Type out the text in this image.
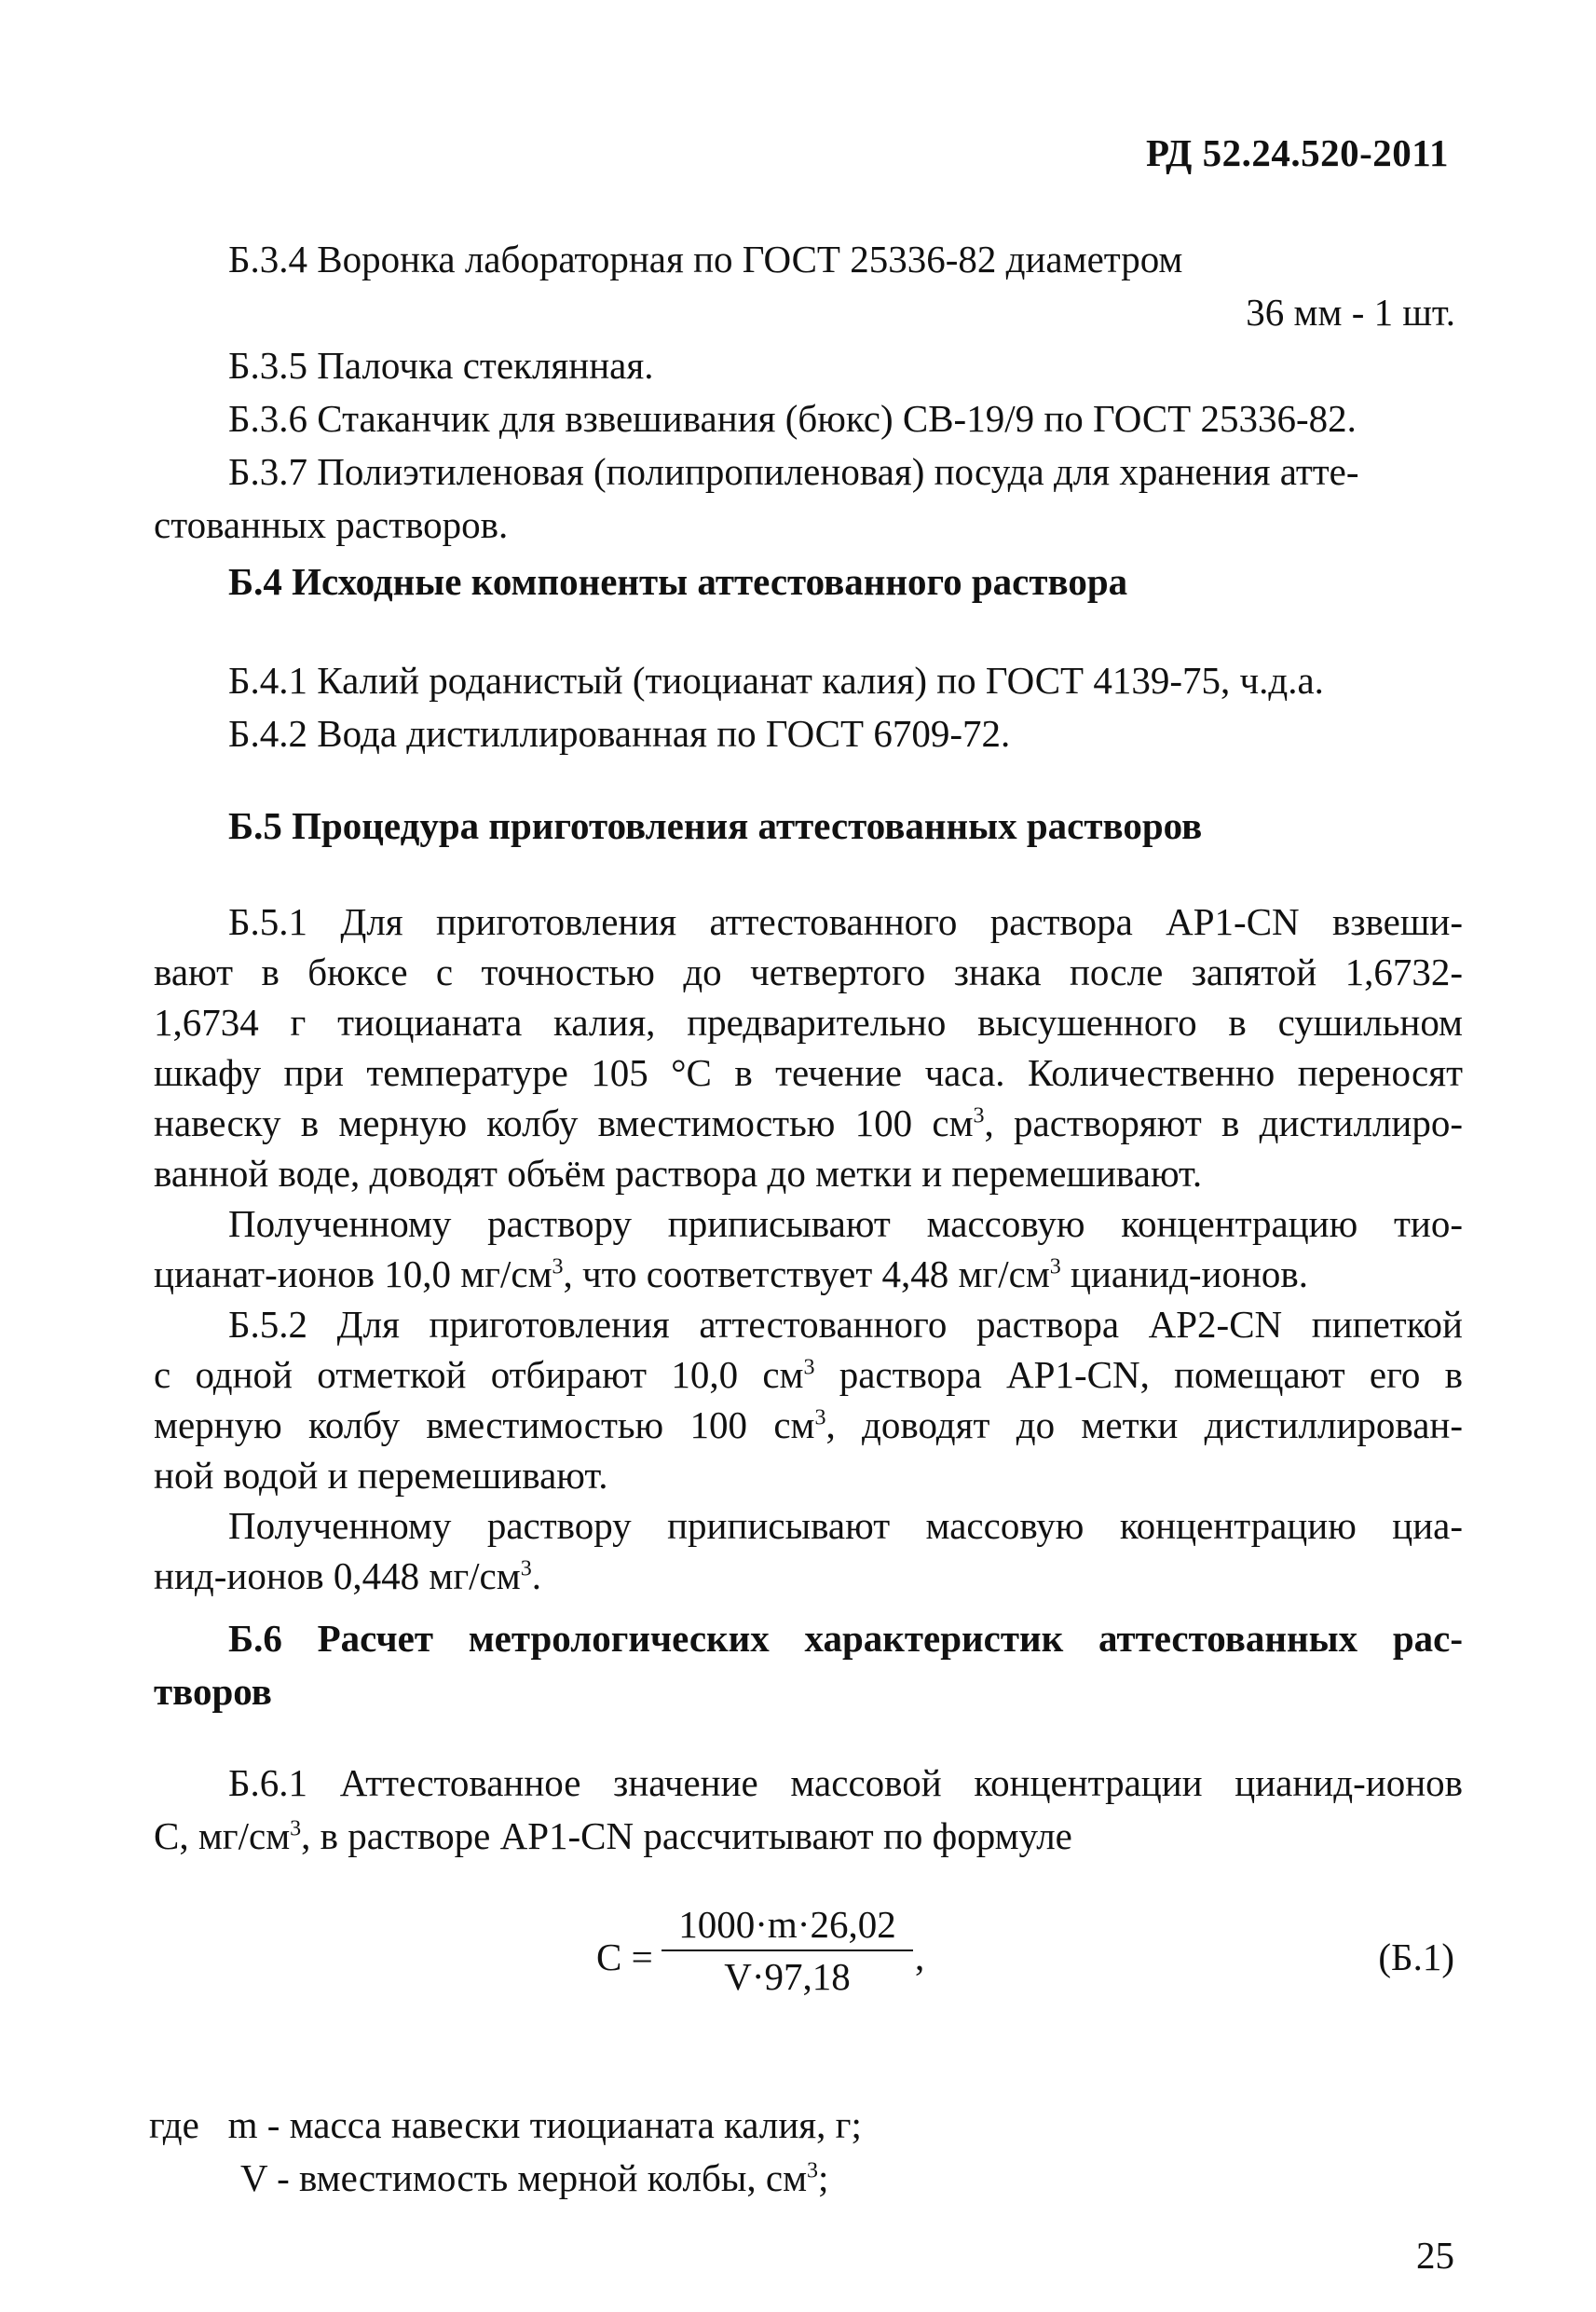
РД 52.24.520-2011
Б.3.4 Воронка лабораторная по ГОСТ 25336-82 диаметром
36 мм - 1 шт.
Б.3.5 Палочка стеклянная.
Б.3.6 Стаканчик для взвешивания (бюкс) СВ-19/9 по ГОСТ 25336-82.
Б.3.7 Полиэтиленовая (полипропиленовая) посуда для хранения атте-
стованных растворов.
Б.4 Исходные компоненты аттестованного раствора
Б.4.1 Калий роданистый (тиоцианат калия) по ГОСТ 4139-75, ч.д.а.
Б.4.2 Вода дистиллированная по ГОСТ 6709-72.
Б.5 Процедура приготовления аттестованных растворов
Б.5.1 Для приготовления аттестованного раствора АР1-CN взвеши-
вают в бюксе с точностью до четвертого знака после запятой 1,6732-
1,6734 г тиоцианата калия, предварительно высушенного в сушильном
шкафу при температуре 105 °С в течение часа. Количественно переносят
навеску в мерную колбу вместимостью 100 $см^3$, растворяют в дистиллиро-
ванной воде, доводят объём раствора до метки и перемешивают.
Полученному раствору приписывают массовую концентрацию тио-
цианат-ионов 10,0 $мг/см^3$, что соответствует 4,48 $мг/см^3$ цианид-ионов.
Б.5.2 Для приготовления аттестованного раствора АР2-CN пипеткой
с одной отметкой отбирают 10,0 $см^3$ раствора АР1-CN, помещают его в
мерную колбу вместимостью 100 $см^3$, доводят до метки дистиллирован-
ной водой и перемешивают.
Полученному раствору приписывают массовую концентрацию циа-
нид-ионов 0,448 $мг/см^3$.
Б.6 Расчет метрологических характеристик аттестованных рас-
творов
Б.6.1 Аттестованное значение массовой концентрации цианид-ионов
С, $мг/см^3$, в растворе АР1-CN рассчитывают по формуле
C =
1000·m·26,02
V·97,18	,	(Б.1)
где m - масса навески тиоцианата калия, г;
V - вместимость мерной колбы, $см^3$;
25
